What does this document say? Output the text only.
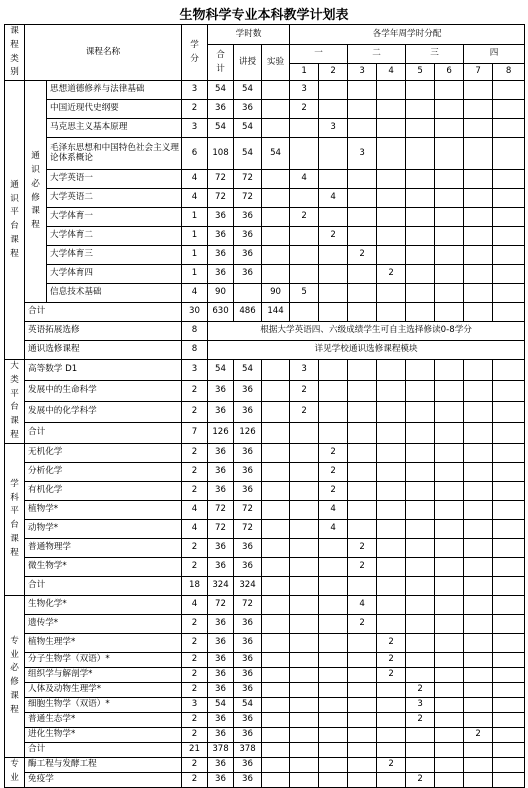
生物科学专业本科教学计划表
课程类别	课程名称		学分	学时数			各学年周学时分配							
				合计	讲授	实验	一		二		三		四	
							1	2	3	4	5	6	7	8
通识平台课程	通识必修课程	思想道德修养与法律基础	3	54	54		3							
		中国近现代史纲要	2	36	36		2							
		马克思主义基本原理	3	54	54			3						
		毛泽东思想和中国特色社会主义理论体系概论	6	108	54	54			3					
		大学英语一	4	72	72		4							
		大学英语二	4	72	72			4						
		大学体育一	1	36	36		2							
		大学体育二	1	36	36			2						
		大学体育三	1	36	36				2					
		大学体育四	1	36	36					2				
		信息技术基础	4	90		90	5							
	合计		30	630	486	144								
	英语拓展选修		8	根据大学英语四、六级成绩学生可自主选择修读0-8学分										
	通识选修课程		8	详见学校通识选修课程模块										
大类平台课程	高等数学 D1		3	54	54		3							
	发展中的生命科学		2	36	36		2							
	发展中的化学科学		2	36	36		2							
	合计		7	126	126									
学科平台课程	无机化学		2	36	36			2						
	分析化学		2	36	36			2						
	有机化学		2	36	36			2						
	植物学*		4	72	72			4						
	动物学*		4	72	72			4						
	普通物理学		2	36	36				2					
	微生物学*		2	36	36				2					
	合计		18	324	324									
专业必修课程	生物化学*		4	72	72				4					
	遗传学*		2	36	36				2					
	植物生理学*		2	36	36					2				
	分子生物学（双语）*		2	36	36					2				
	组织学与解剖学*		2	36	36					2				
	人体及动物生理学*		2	36	36						2			
	细胞生物学（双语）*		3	54	54						3			
	普通生态学*		2	36	36						2			
	进化生物学*		2	36	36								2	
	合计		21	378	378									
专业	酶工程与发酵工程		2	36	36					2				
	免疫学		2	36	36						2			
